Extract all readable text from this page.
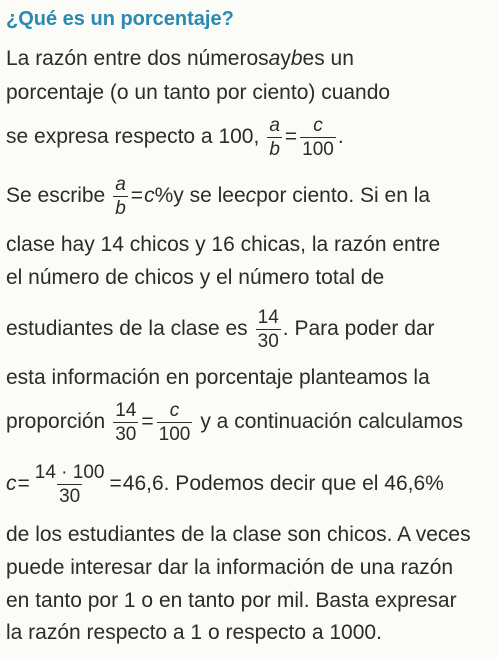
¿Qué es un porcentaje?
La razón entre dos números a y b es un
porcentaje (o un tanto por ciento) cuando
se expresa respecto a 100, $\frac{a}{b} = \frac{c}{100}$ .
Se escribe $\frac{a}{b} = c$ % y se lee c por ciento. Si en la
clase hay 14 chicos y 16 chicas, la razón entre
el número de chicos y el número total de
estudiantes de la clase es $\frac{14}{30}$ . Para poder dar
esta información en porcentaje planteamos la
proporción $\frac{14}{30} = \frac{c}{100}$ y a continuación calculamos
$c = \frac{14 \cdot 100}{30} = 46,6$ . Podemos decir que el 46,6%
de los estudiantes de la clase son chicos. A veces
puede interesar dar la información de una razón
en tanto por 1 o en tanto por mil. Basta expresar
la razón respecto a 1 o respecto a 1000.
